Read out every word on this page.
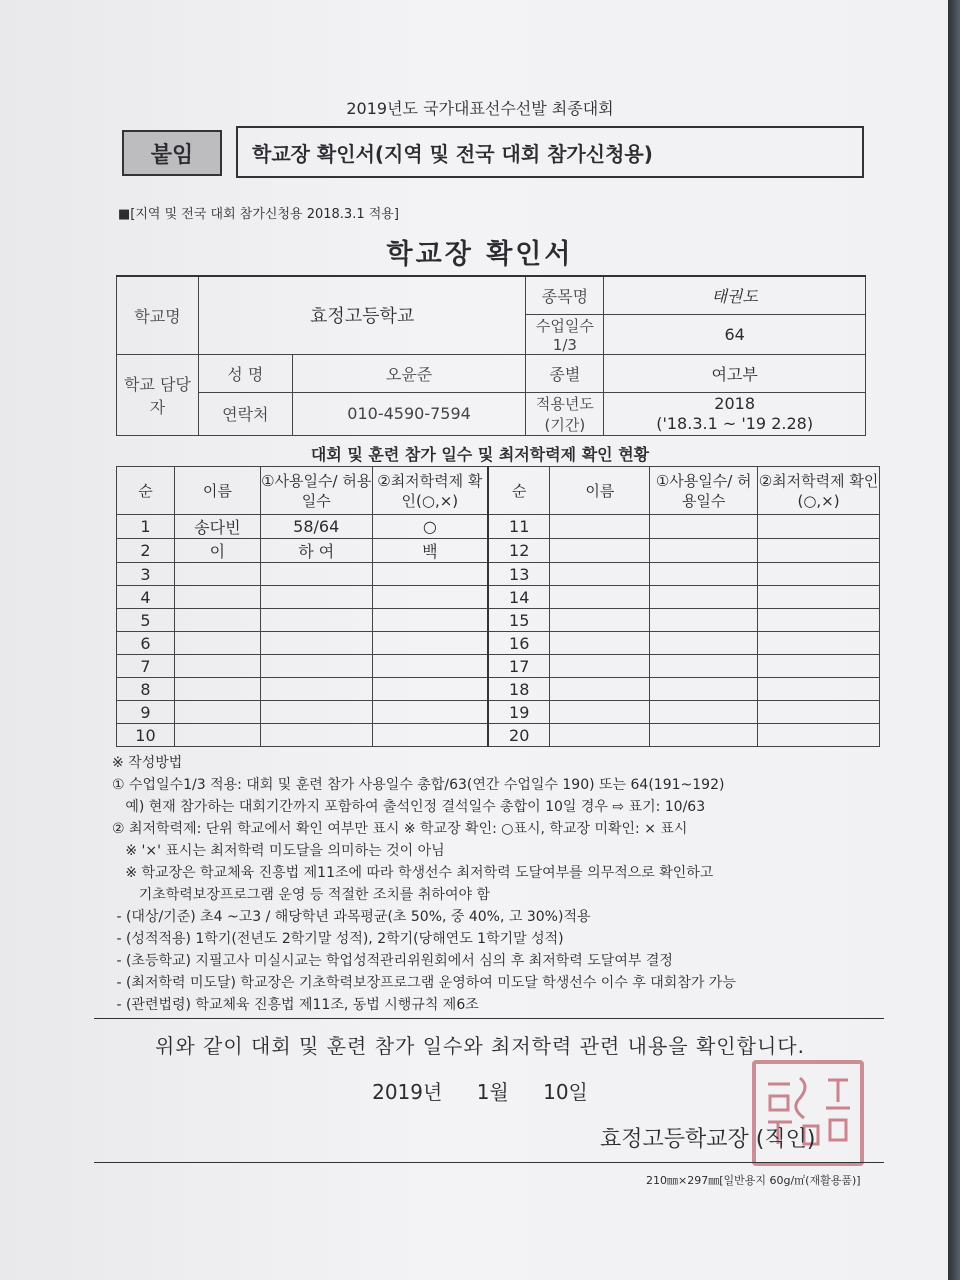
2019년도 국가대표선수선발 최종대회
붙임	학교장 확인서(지역 및 전국 대회 참가신청용)
■[지역 및 전국 대회 참가신청용 2018.3.1 적용]
학교장 확인서
학교명	효정고등학교		종목명	태권도
			수업일수 1/3	64
학교 담당자	성 명	오윤준	종별	여고부
	연락처	010-4590-7594	적용년도 (기간)	2018
('18.3.1 ~ '19 2.28)
대회 및 훈련 참가 일수 및 최저학력제 확인 현황
순	이름	①사용일수/ 허용일수	②최저학력제 확인(○,×)	순	이름	①사용일수/ 허용일수	②최저학력제 확인(○,×)
1	송다빈	58/64	○	11			
2	이	하 여	백	12			
3				13			
4				14			
5				15			
6				16			
7				17			
8				18			
9				19			
10				20			
※ 작성방법
① 수업일수1/3 적용: 대회 및 훈련 참가 사용일수 총합/63(연간 수업일수 190) 또는 64(191~192)
예) 현재 참가하는 대회기간까지 포함하여 출석인정 결석일수 총합이 10일 경우 ⇨ 표기: 10/63
② 최저학력제: 단위 학교에서 확인 여부만 표시 ※ 학교장 확인: ○표시, 학교장 미확인: × 표시
※ '×' 표시는 최저학력 미도달을 의미하는 것이 아님
※ 학교장은 학교체육 진흥법 제11조에 따라 학생선수 최저학력 도달여부를 의무적으로 확인하고
기초학력보장프로그램 운영 등 적절한 조치를 취하여야 함
- (대상/기준) 초4 ~고3 / 해당학년 과목평균(초 50%, 중 40%, 고 30%)적용
- (성적적용) 1학기(전년도 2학기말 성적), 2학기(당해연도 1학기말 성적)
- (초등학교) 지필고사 미실시교는 학업성적관리위원회에서 심의 후 최저학력 도달여부 결정
- (최저학력 미도달) 학교장은 기초학력보장프로그램 운영하여 미도달 학생선수 이수 후 대회참가 가능
- (관련법령) 학교체육 진흥법 제11조, 동법 시행규칙 제6조
위와 같이 대회 및 훈련 참가 일수와 최저학력 관련 내용을 확인합니다.
2019년 1월 10일
효정고등학교장 (직인)
210㎜×297㎜[일반용지 60g/㎡(재활용품)]
